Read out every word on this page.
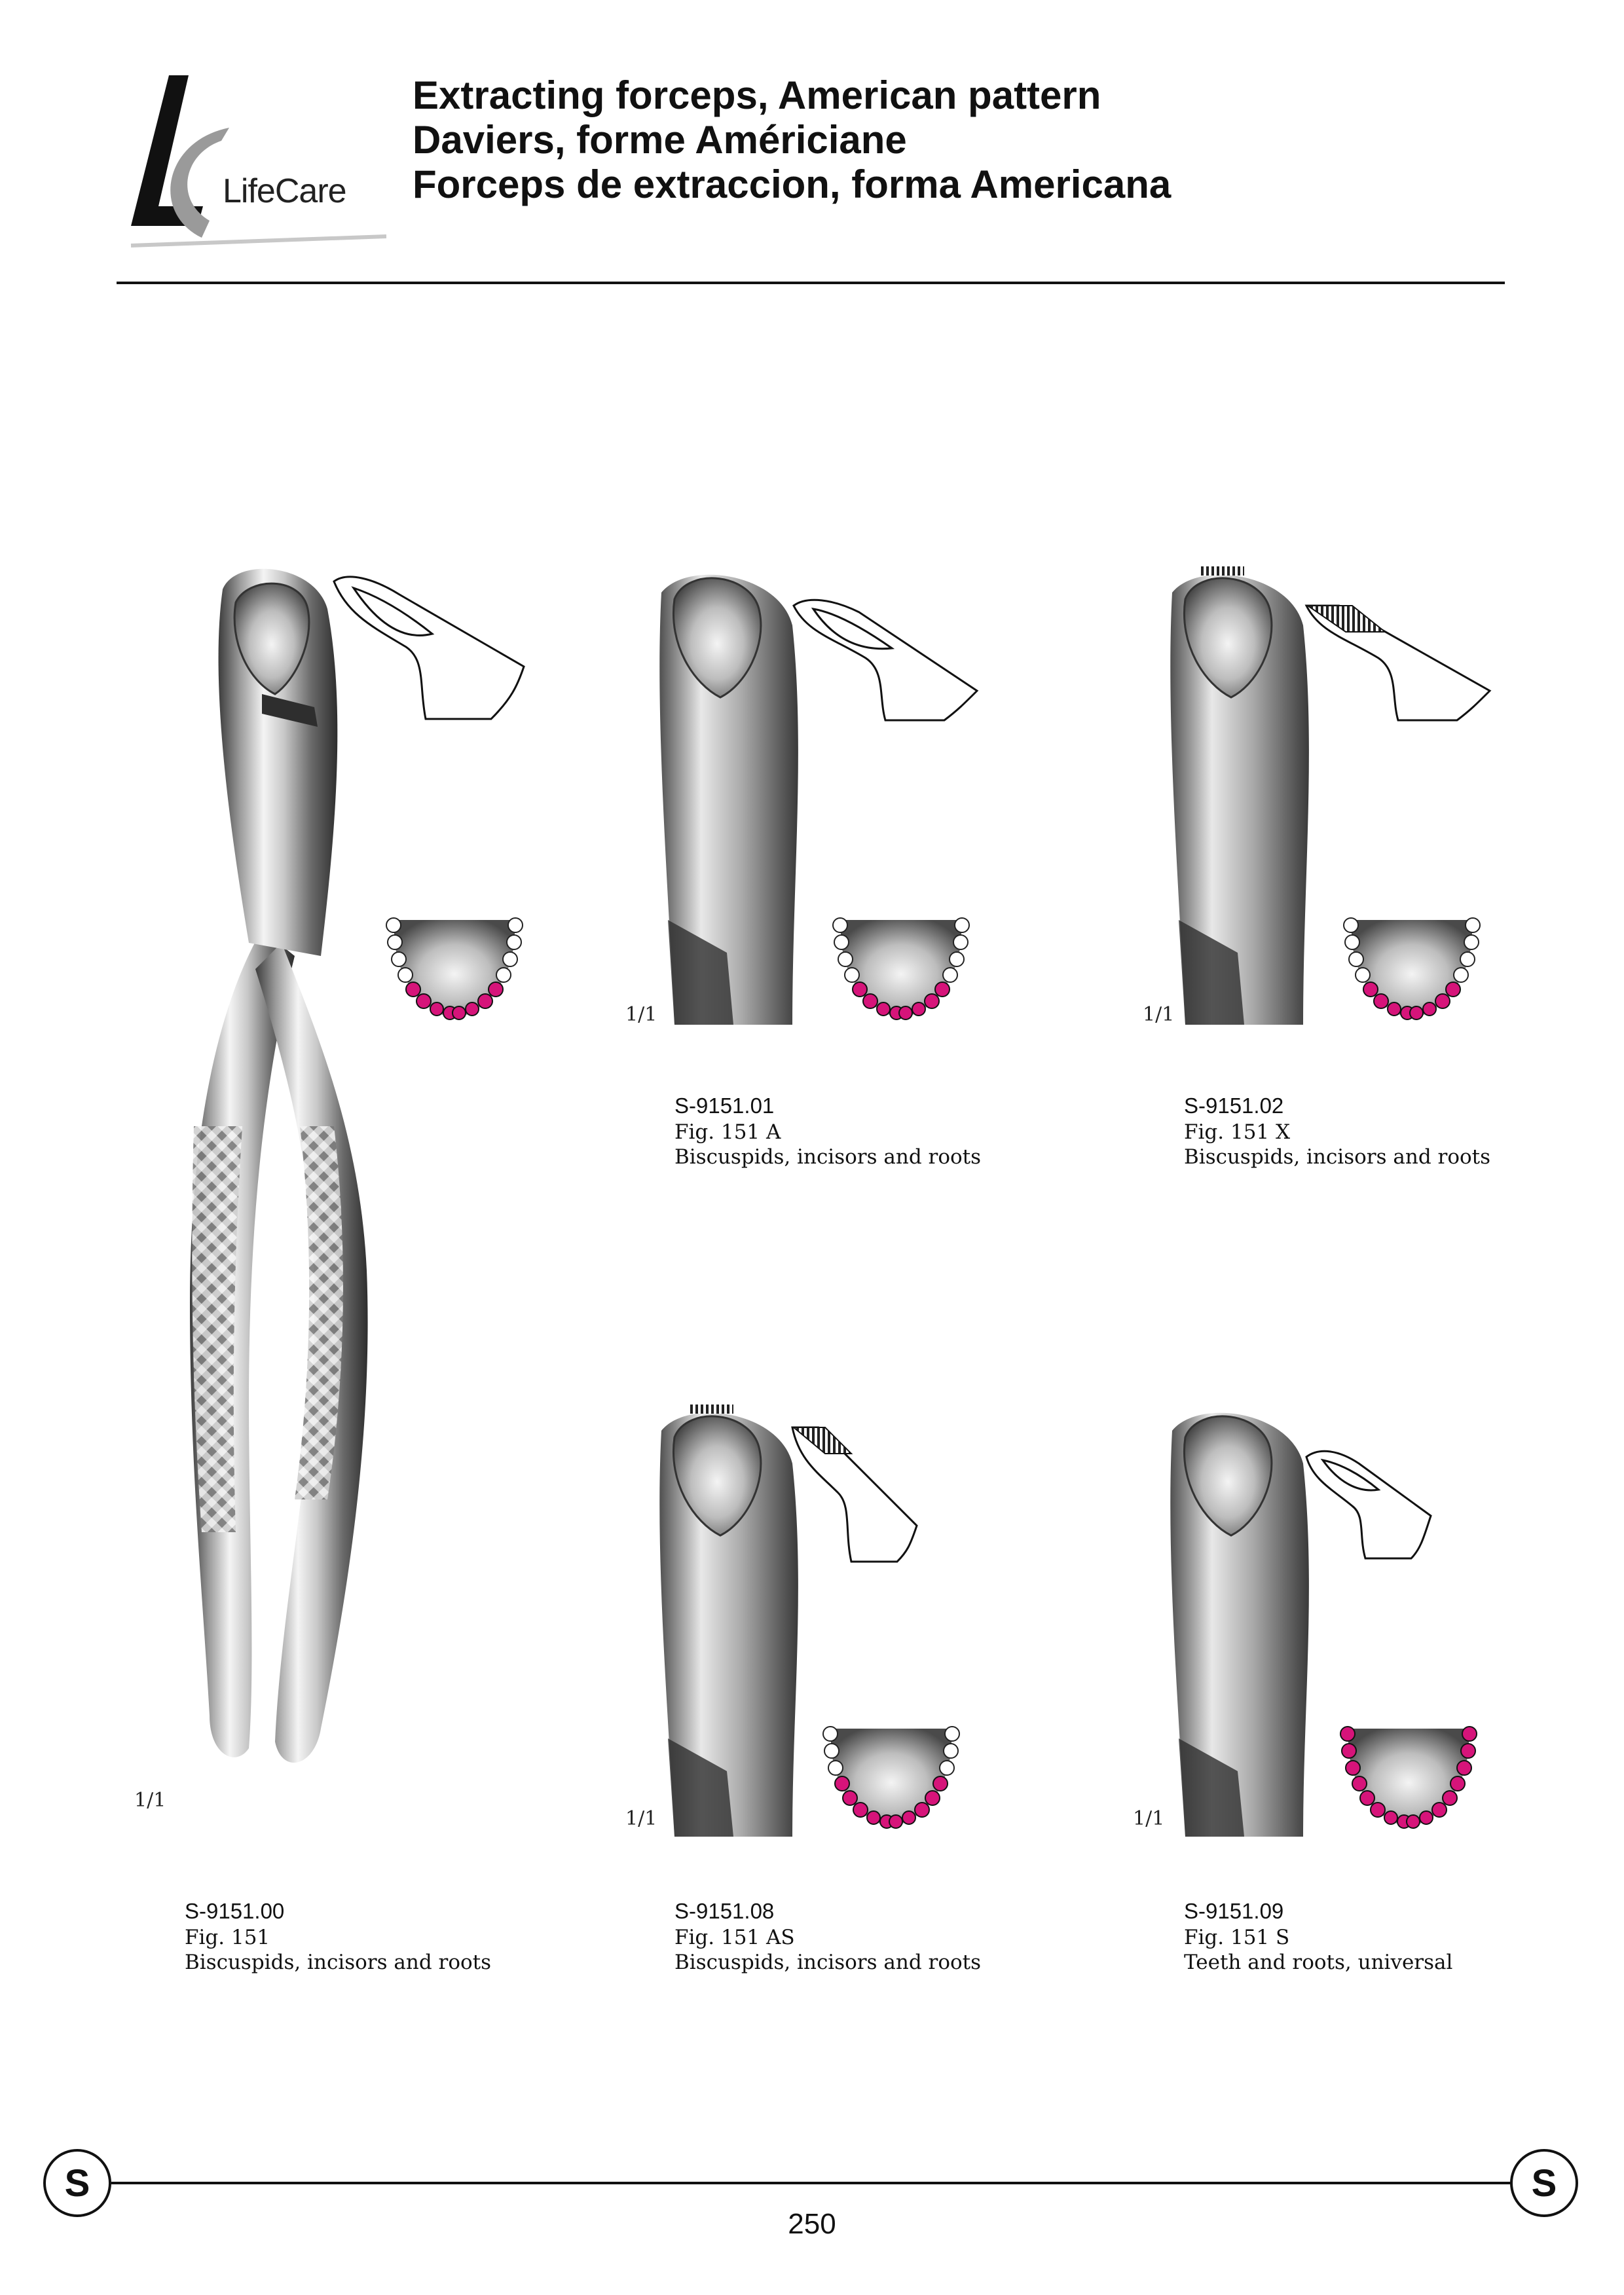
LifeCare
Extracting forceps, American pattern
Daviers, forme Américiane
Forceps de extraccion, forma Americana
1/1
1/1	1/1
1/1	1/1
S-9151.01
Fig. 151 A
Biscuspids, incisors and roots
S-9151.02
Fig. 151 X
Biscuspids, incisors and roots
S-9151.00
Fig. 151
Biscuspids, incisors and roots
S-9151.08
Fig. 151 AS
Biscuspids, incisors and roots
S-9151.09
Fig. 151 S
Teeth and roots, universal
S	S
250
